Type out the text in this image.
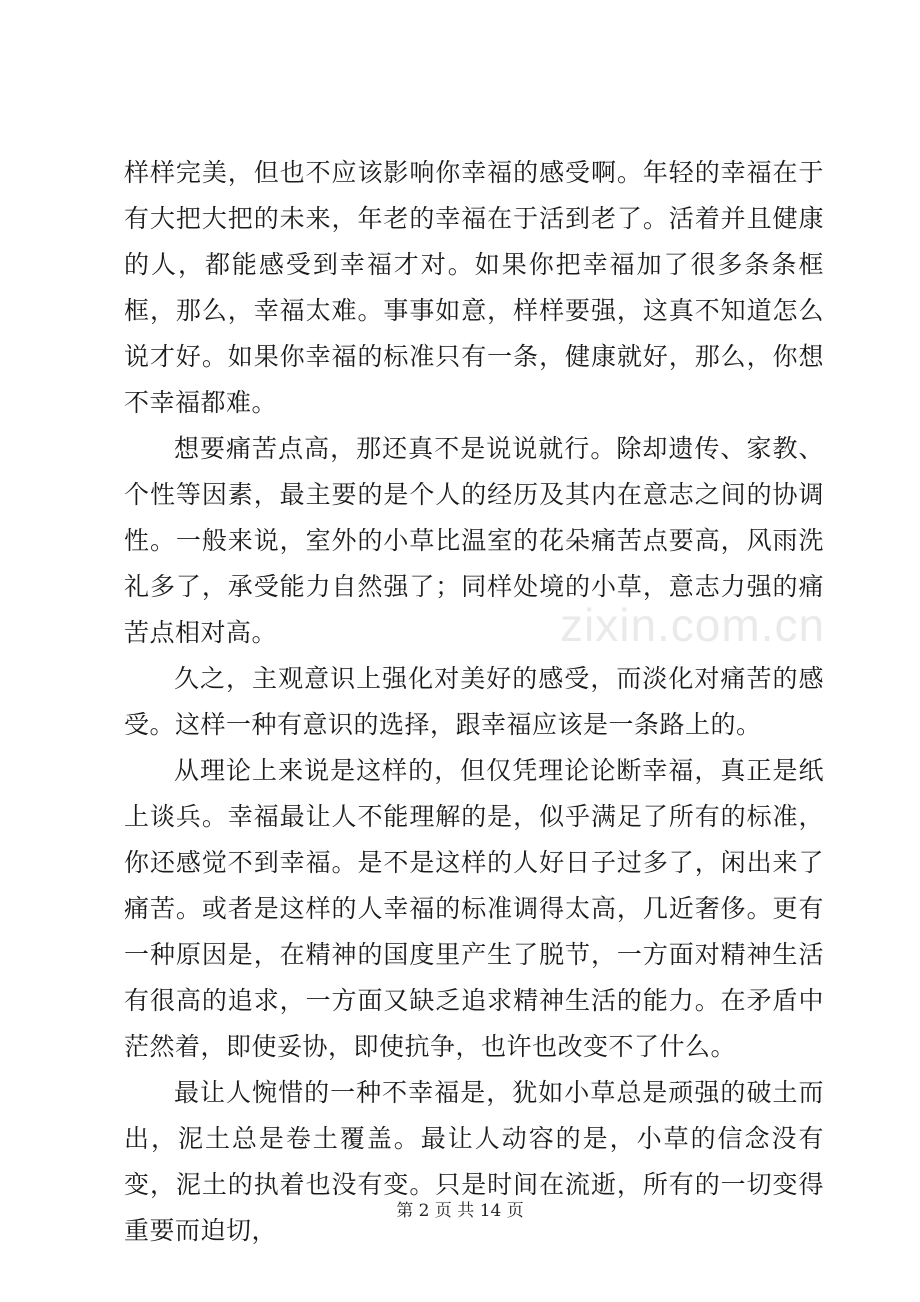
样样完美，但也不应该影响你幸福的感受啊。年轻的幸福在于有大把大把的未来，年老的幸福在于活到老了。活着并且健康的人，都能感受到幸福才对。如果你把幸福加了很多条条框框，那么，幸福太难。事事如意，样样要强，这真不知道怎么说才好。如果你幸福的标准只有一条，健康就好，那么，你想不幸福都难。

想要痛苦点高，那还真不是说说就行。除却遗传、家教、个性等因素，最主要的是个人的经历及其内在意志之间的协调性。一般来说，室外的小草比温室的花朵痛苦点要高，风雨洗礼多了，承受能力自然强了；同样处境的小草，意志力强的痛苦点相对高。

久之，主观意识上强化对美好的感受，而淡化对痛苦的感受。这样一种有意识的选择，跟幸福应该是一条路上的。

从理论上来说是这样的，但仅凭理论论断幸福，真正是纸上谈兵。幸福最让人不能理解的是，似乎满足了所有的标准，你还感觉不到幸福。是不是这样的人好日子过多了，闲出来了痛苦。或者是这样的人幸福的标准调得太高，几近奢侈。更有一种原因是，在精神的国度里产生了脱节，一方面对精神生活有很高的追求，一方面又缺乏追求精神生活的能力。在矛盾中茫然着，即使妥协，即使抗争，也许也改变不了什么。

最让人惋惜的一种不幸福是，犹如小草总是顽强的破土而出，泥土总是卷土覆盖。最让人动容的是，小草的信念没有变，泥土的执着也没有变。只是时间在流逝，所有的一切变得重要而迫切，

zixin.com.cn
第 2 页 共 14 页
